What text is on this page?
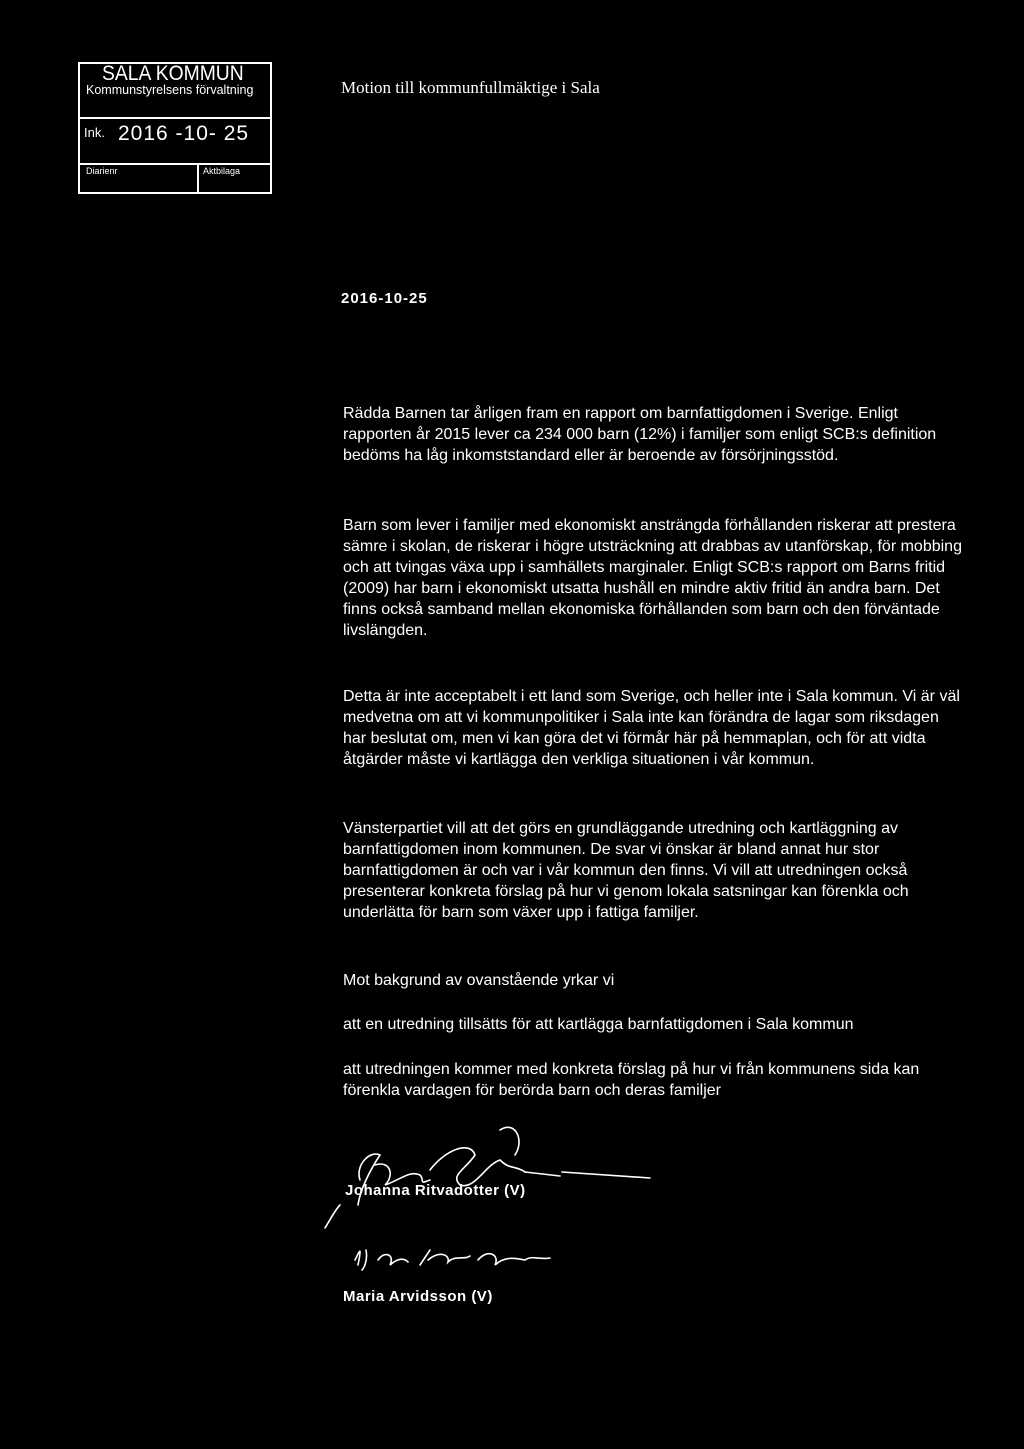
SALA KOMMUN
Kommunstyrelsens förvaltning
Ink. 2016 -10- 25
Diarienr	Aktbilaga
Motion till kommunfullmäktige i Sala
2016-10-25

Rädda Barnen tar årligen fram en rapport om barnfattigdomen i Sverige. Enligt rapporten år 2015 lever ca 234 000 barn (12%) i familjer som enligt SCB:s definition bedöms ha låg inkomststandard eller är beroende av försörjningsstöd.

Barn som lever i familjer med ekonomiskt ansträngda förhållanden riskerar att prestera sämre i skolan, de riskerar i högre utsträckning att drabbas av utanförskap, för mobbing och att tvingas växa upp i samhällets marginaler. Enligt SCB:s rapport om Barns fritid (2009) har barn i ekonomiskt utsatta hushåll en mindre aktiv fritid än andra barn. Det finns också samband mellan ekonomiska förhållanden som barn och den förväntade livslängden.

Detta är inte acceptabelt i ett land som Sverige, och heller inte i Sala kommun. Vi är väl medvetna om att vi kommunpolitiker i Sala inte kan förändra de lagar som riksdagen har beslutat om, men vi kan göra det vi förmår här på hemmaplan, och för att vidta åtgärder måste vi kartlägga den verkliga situationen i vår kommun.

Vänsterpartiet vill att det görs en grundläggande utredning och kartläggning av barnfattigdomen inom kommunen. De svar vi önskar är bland annat hur stor barnfattigdomen är och var i vår kommun den finns. Vi vill att utredningen också presenterar konkreta förslag på hur vi genom lokala satsningar kan förenkla och underlätta för barn som växer upp i fattiga familjer.

Mot bakgrund av ovanstående yrkar vi

att en utredning tillsätts för att kartlägga barnfattigdomen i Sala kommun

att utredningen kommer med konkreta förslag på hur vi från kommunens sida kan förenkla vardagen för berörda barn och deras familjer

Johanna Ritvadotter (V)
Maria Arvidsson (V)
